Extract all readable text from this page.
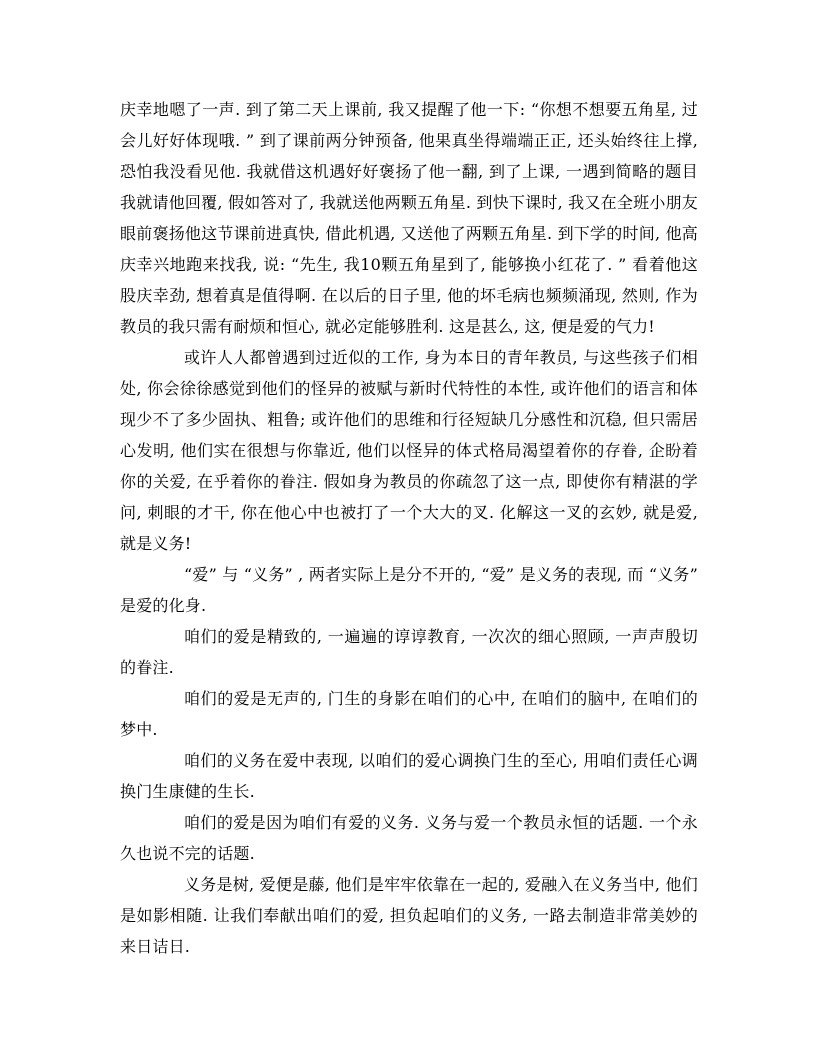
庆幸地嗯了一声. 到了第二天上课前, 我又提醒了他一下: “你想不想要五角星, 过会儿好好体现哦. ” 到了课前两分钟预备, 他果真坐得端端正正, 还头始终往上撑, 恐怕我没看见他. 我就借这机遇好好褒扬了他一翻, 到了上课, 一遇到简略的题目我就请他回覆, 假如答对了, 我就送他两颗五角星. 到快下课时, 我又在全班小朋友眼前褒扬他这节课前进真快, 借此机遇, 又送他了两颗五角星. 到下学的时间, 他高庆幸兴地跑来找我, 说: “先生, 我10颗五角星到了, 能够换小红花了. ” 看着他这股庆幸劲, 想着真是值得啊. 在以后的日子里, 他的坏毛病也频频涌现, 然则, 作为教员的我只需有耐烦和恒心, 就必定能够胜利. 这是甚么, 这, 便是爱的气力!

或许人人都曾遇到过近似的工作, 身为本日的青年教员, 与这些孩子们相处, 你会徐徐感觉到他们的怪异的被赋与新时代特性的本性, 或许他们的语言和体现少不了多少固执、粗鲁; 或许他们的思维和行径短缺几分感性和沉稳, 但只需居心发明, 他们实在很想与你靠近, 他们以怪异的体式格局渴望着你的存眷, 企盼着你的关爱, 在乎着你的眷注. 假如身为教员的你疏忽了这一点, 即使你有精湛的学问, 刺眼的才干, 你在他心中也被打了一个大大的叉. 化解这一叉的玄妙, 就是爱, 就是义务!

“爱” 与 “义务” , 两者实际上是分不开的, “爱” 是义务的表现, 而 “义务” 是爱的化身.

咱们的爱是精致的, 一遍遍的谆谆教育, 一次次的细心照顾, 一声声殷切的眷注.

咱们的爱是无声的, 门生的身影在咱们的心中, 在咱们的脑中, 在咱们的梦中.

咱们的义务在爱中表现, 以咱们的爱心调换门生的至心, 用咱们责任心调换门生康健的生长.

咱们的爱是因为咱们有爱的义务. 义务与爱一个教员永恒的话题. 一个永久也说不完的话题.

义务是树, 爱便是藤, 他们是牢牢依靠在一起的, 爱融入在义务当中, 他们是如影相随. 让我们奉献出咱们的爱, 担负起咱们的义务, 一路去制造非常美妙的来日诘日.
